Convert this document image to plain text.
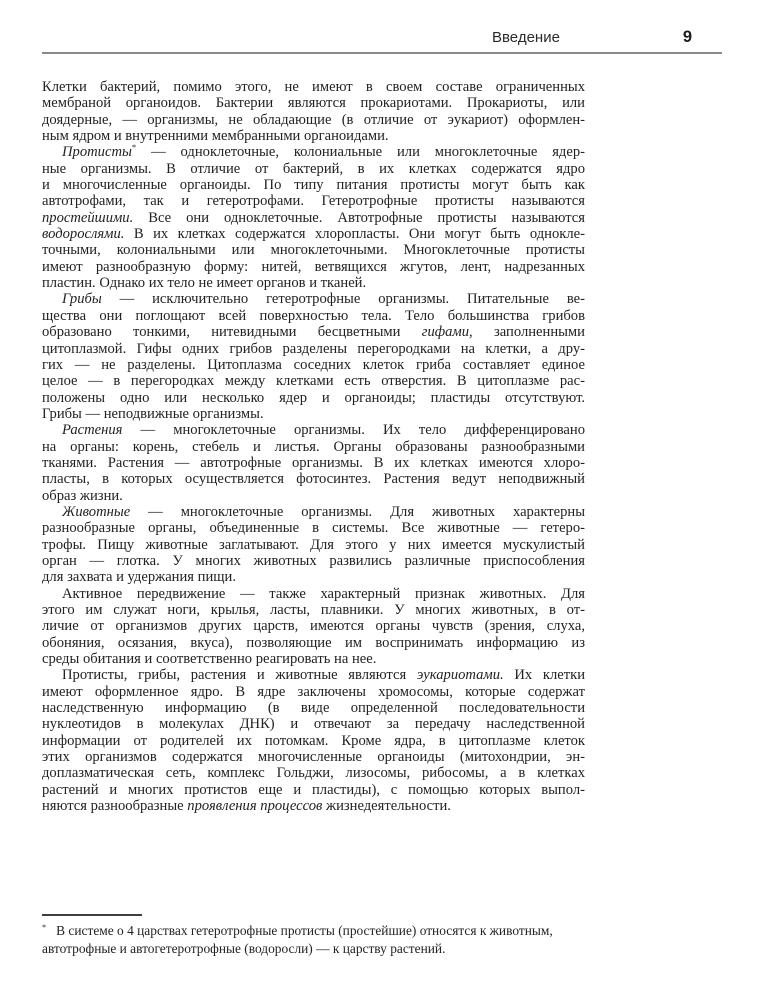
Введение	9
Клетки бактерий, помимо этого, не имеют в своем составе ограниченных
мембраной органоидов. Бактерии являются прокариотами. Прокариоты, или
доядерные, — организмы, не обладающие (в отличие от эукариот) оформлен-
ным ядром и внутренними мембранными органоидами.
Протисты* — одноклеточные, колониальные или многоклеточные ядер-
ные организмы. В отличие от бактерий, в их клетках содержатся ядро
и многочисленные органоиды. По типу питания протисты могут быть как
автотрофами, так и гетеротрофами. Гетеротрофные протисты называются
простейшими. Все они одноклеточные. Автотрофные протисты называются
водорослями. В их клетках содержатся хлоропласты. Они могут быть однокле-
точными, колониальными или многоклеточными. Многоклеточные протисты
имеют разнообразную форму: нитей, ветвящихся жгутов, лент, надрезанных
пластин. Однако их тело не имеет органов и тканей.
Грибы — исключительно гетеротрофные организмы. Питательные ве-
щества они поглощают всей поверхностью тела. Тело большинства грибов
образовано тонкими, нитевидными бесцветными гифами, заполненными
цитоплазмой. Гифы одних грибов разделены перегородками на клетки, а дру-
гих — не разделены. Цитоплазма соседних клеток гриба составляет единое
целое — в перегородках между клетками есть отверстия. В цитоплазме рас-
положены одно или несколько ядер и органоиды; пластиды отсутствуют.
Грибы — неподвижные организмы.
Растения — многоклеточные организмы. Их тело дифференцировано
на органы: корень, стебель и листья. Органы образованы разнообразными
тканями. Растения — автотрофные организмы. В их клетках имеются хлоро-
пласты, в которых осуществляется фотосинтез. Растения ведут неподвижный
образ жизни.
Животные — многоклеточные организмы. Для животных характерны
разнообразные органы, объединенные в системы. Все животные — гетеро-
трофы. Пищу животные заглатывают. Для этого у них имеется мускулистый
орган — глотка. У многих животных развились различные приспособления
для захвата и удержания пищи.
Активное передвижение — также характерный признак животных. Для
этого им служат ноги, крылья, ласты, плавники. У многих животных, в от-
личие от организмов других царств, имеются органы чувств (зрения, слуха,
обоняния, осязания, вкуса), позволяющие им воспринимать информацию из
среды обитания и соответственно реагировать на нее.
Протисты, грибы, растения и животные являются эукариотами. Их клетки
имеют оформленное ядро. В ядре заключены хромосомы, которые содержат
наследственную информацию (в виде определенной последовательности
нуклеотидов в молекулах ДНК) и отвечают за передачу наследственной
информации от родителей их потомкам. Кроме ядра, в цитоплазме клеток
этих организмов содержатся многочисленные органоиды (митохондрии, эн-
доплазматическая сеть, комплекс Гольджи, лизосомы, рибосомы, а в клетках
растений и многих протистов еще и пластиды), с помощью которых выпол-
няются разнообразные проявления процессов жизнедеятельности.
* В системе о 4 царствах гетеротрофные протисты (простейшие) относятся к животным,
автотрофные и автогетеротрофные (водоросли) — к царству растений.
